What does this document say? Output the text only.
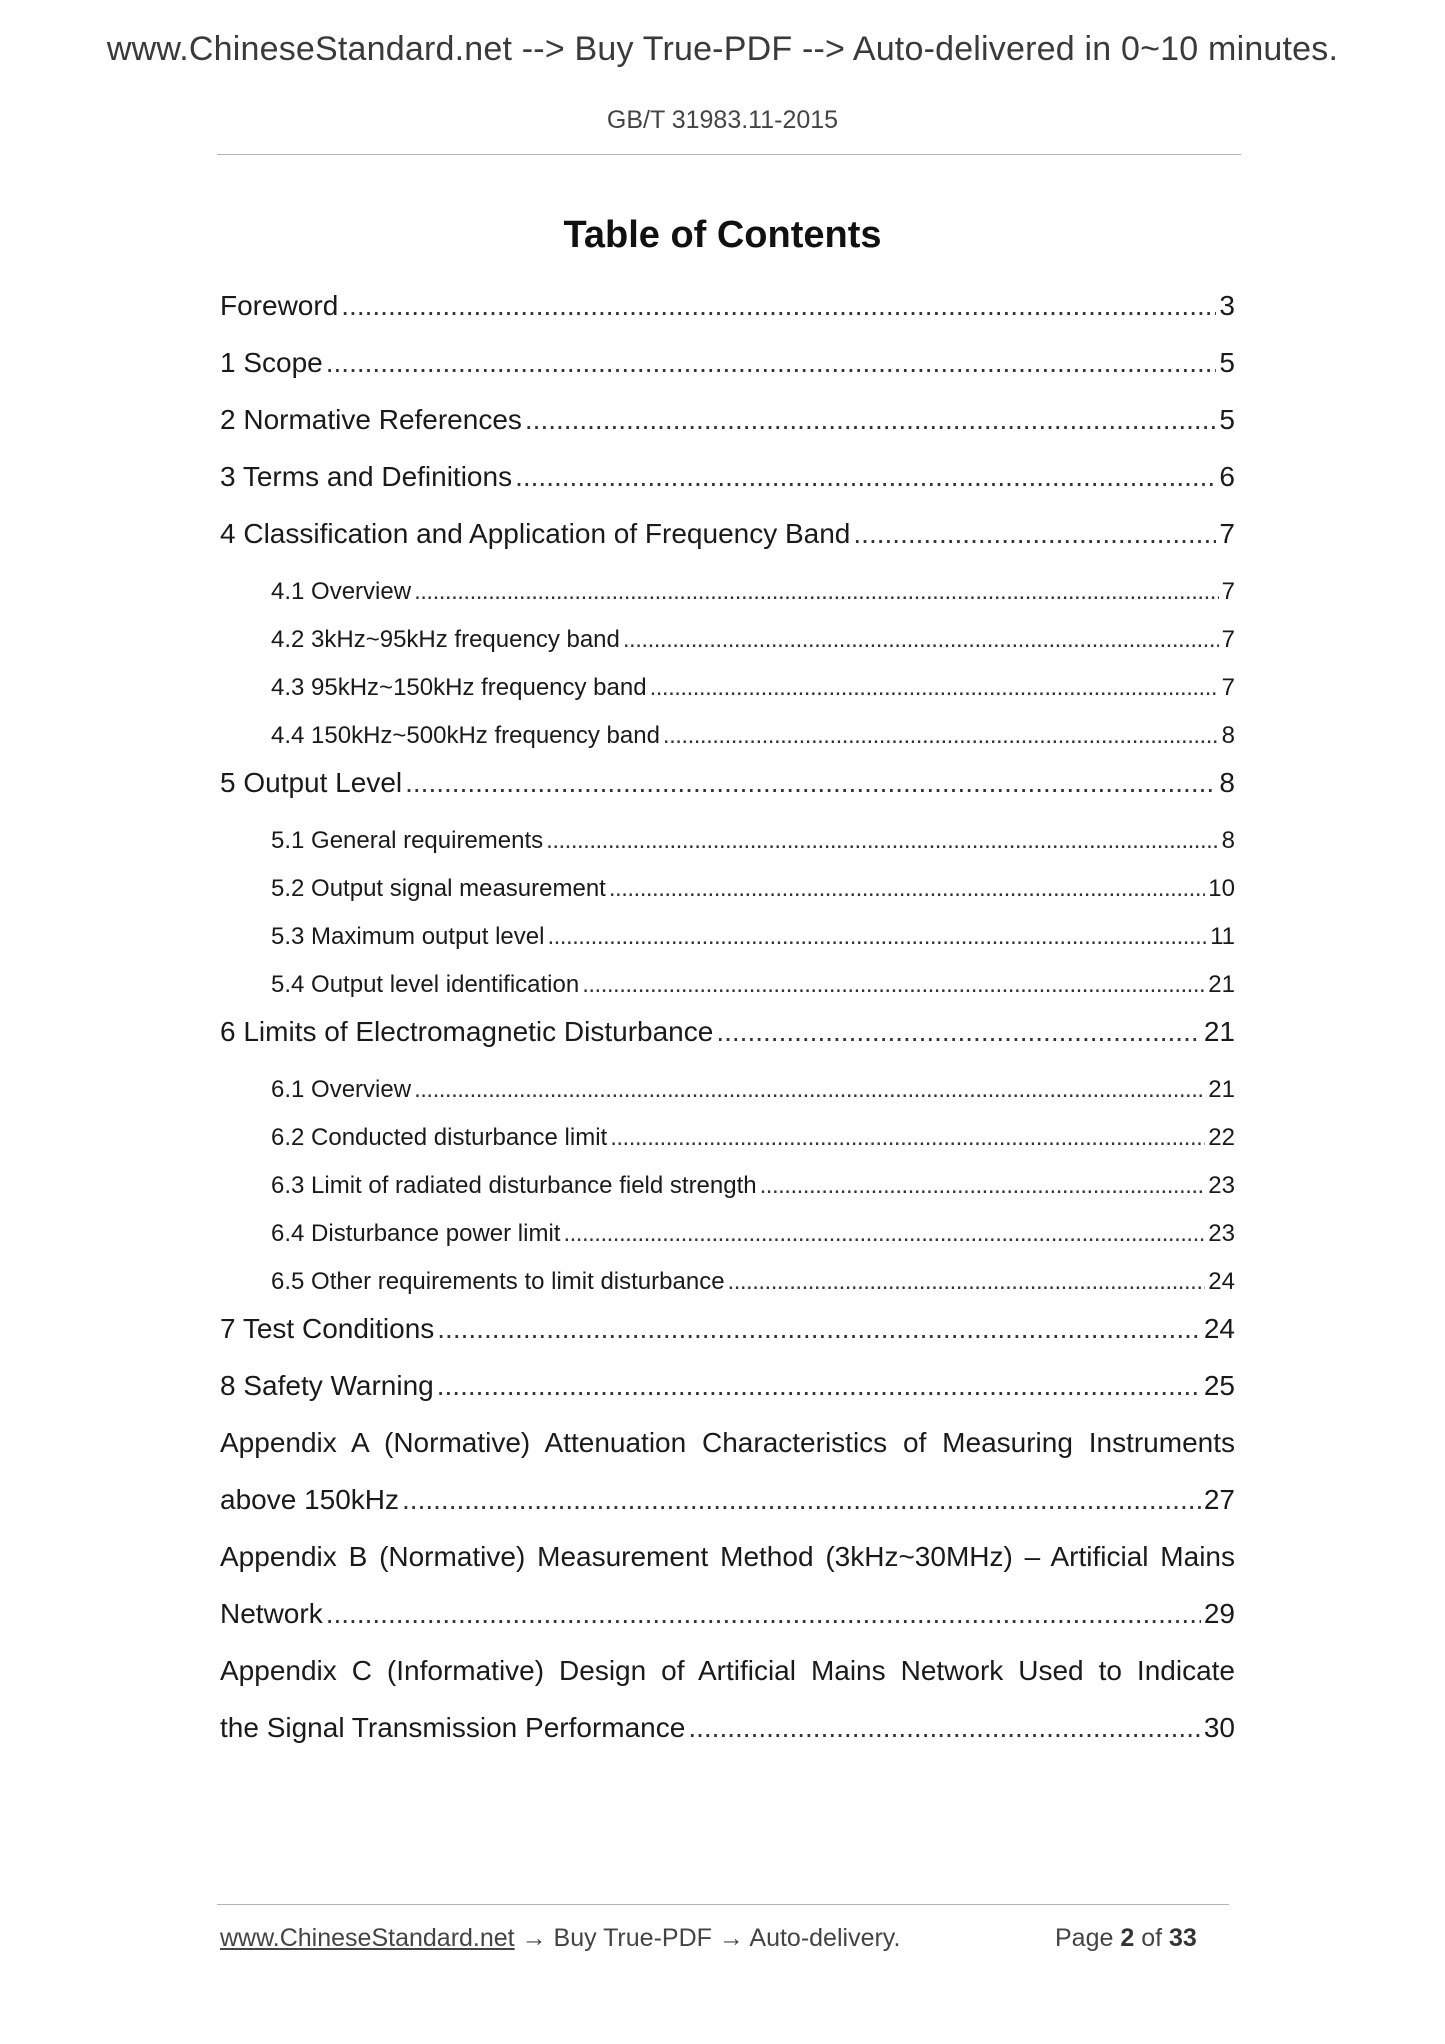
www.ChineseStandard.net --> Buy True-PDF --> Auto-delivered in 0~10 minutes.
GB/T 31983.11-2015
Table of Contents
Foreword .....	3
1 Scope .....	5
2 Normative References .....	5
3 Terms and Definitions .....	6
4 Classification and Application of Frequency Band .....	7
4.1 Overview .....	7
4.2 3kHz~95kHz frequency band .....	7
4.3 95kHz~150kHz frequency band .....	7
4.4 150kHz~500kHz frequency band .....	8
5 Output Level .....	8
5.1 General requirements .....	8
5.2 Output signal measurement .....	10
5.3 Maximum output level .....	11
5.4 Output level identification .....	21
6 Limits of Electromagnetic Disturbance .....	21
6.1 Overview .....	21
6.2 Conducted disturbance limit .....	22
6.3 Limit of radiated disturbance field strength .....	23
6.4 Disturbance power limit .....	23
6.5 Other requirements to limit disturbance .....	24
7 Test Conditions .....	24
8 Safety Warning .....	25
Appendix A (Normative) Attenuation Characteristics of Measuring Instruments
above 150kHz .....	27
Appendix B (Normative) Measurement Method (3kHz~30MHz) – Artificial Mains
Network .....	29
Appendix C (Informative) Design of Artificial Mains Network Used to Indicate
the Signal Transmission Performance .....	30
www.ChineseStandard.net → Buy True-PDF → Auto-delivery.	Page 2 of 33
